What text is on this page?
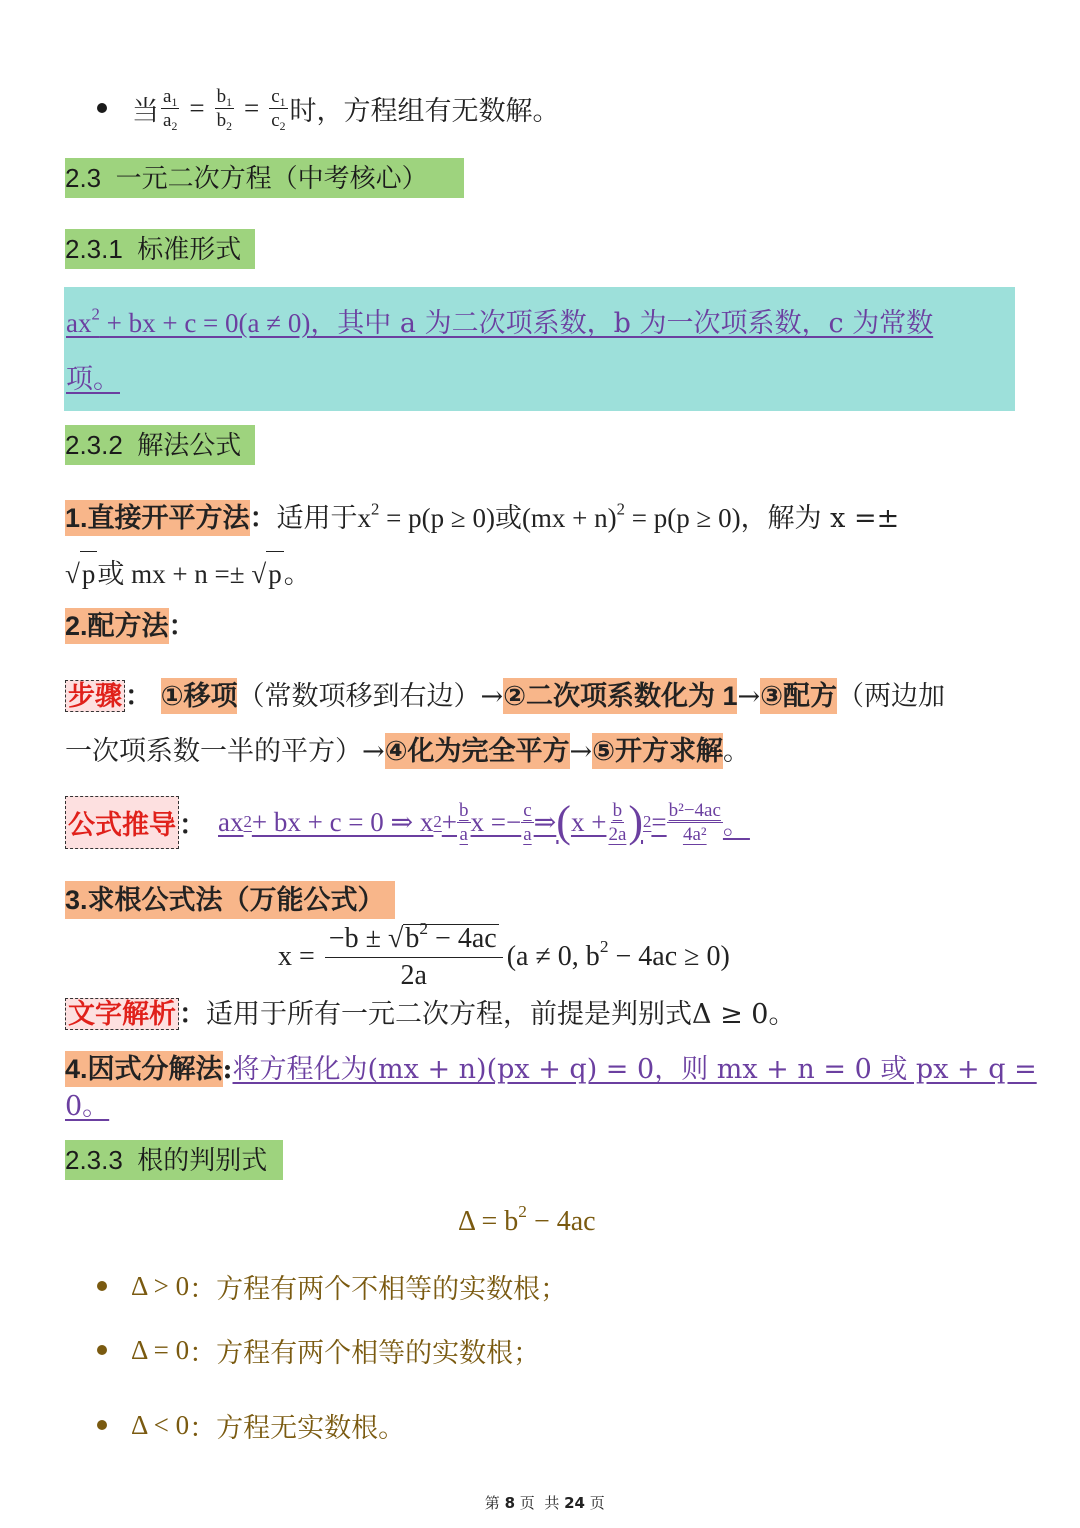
当 $\frac{a_1}{a_2} = \frac{b_1}{b_2} = \frac{c_1}{c_2}$ 时，方程组有无数解。
2.3  一元二次方程（中考核心）
2.3.1  标准形式
$ax^2$ + bx + c = 0(a ≠ 0)，其中 a 为二次项系数，b 为一次项系数，c 为常数
项。
2.3.2  解法公式
1.直接开平方法：适用于$x^2 = p(p \ge 0)$或(mx + n)$^2$ = p(p ≥ 0)，解为 x =±
√p或 mx + n =± √p。
2.配方法：
步骤 ： ①移项（常数项移到右边）→②二次项系数化为 1→③配方（两边加
一次项系数一半的平方）→④化为完全平方→⑤开方求解。
公式推导 ： ax 2 + bx + c = 0 ⇒ x $2 + \frac{b}{a}$ $x =- \frac{c}{a}$ ⇒ ( $x + \frac{b}{2a}$ ) $2 = \frac{\text{b²−4ac}}{\text{4a²}}$ 。
3.求根公式法（万能公式）
$x = \frac{-b \pm √b^2 - 4ac}{2a} (a \ne 0$, $b^2 - 4ac \ge 0$)
文字解析 ：适用于所有一元二次方程，前提是判别式Δ ≥ 0。
4.因式分解法:将方程化为(mx + n)(px + q) = 0，则 mx + n = 0 或 px + q =
0。
2.3.3  根的判别式
$\Delta = b^2 - 4ac$
Δ > 0 ：方程有两个不相等的实数根；
Δ = 0 ：方程有两个相等的实数根；
Δ < 0 ：方程无实数根。

第 8 页  共 24 页
